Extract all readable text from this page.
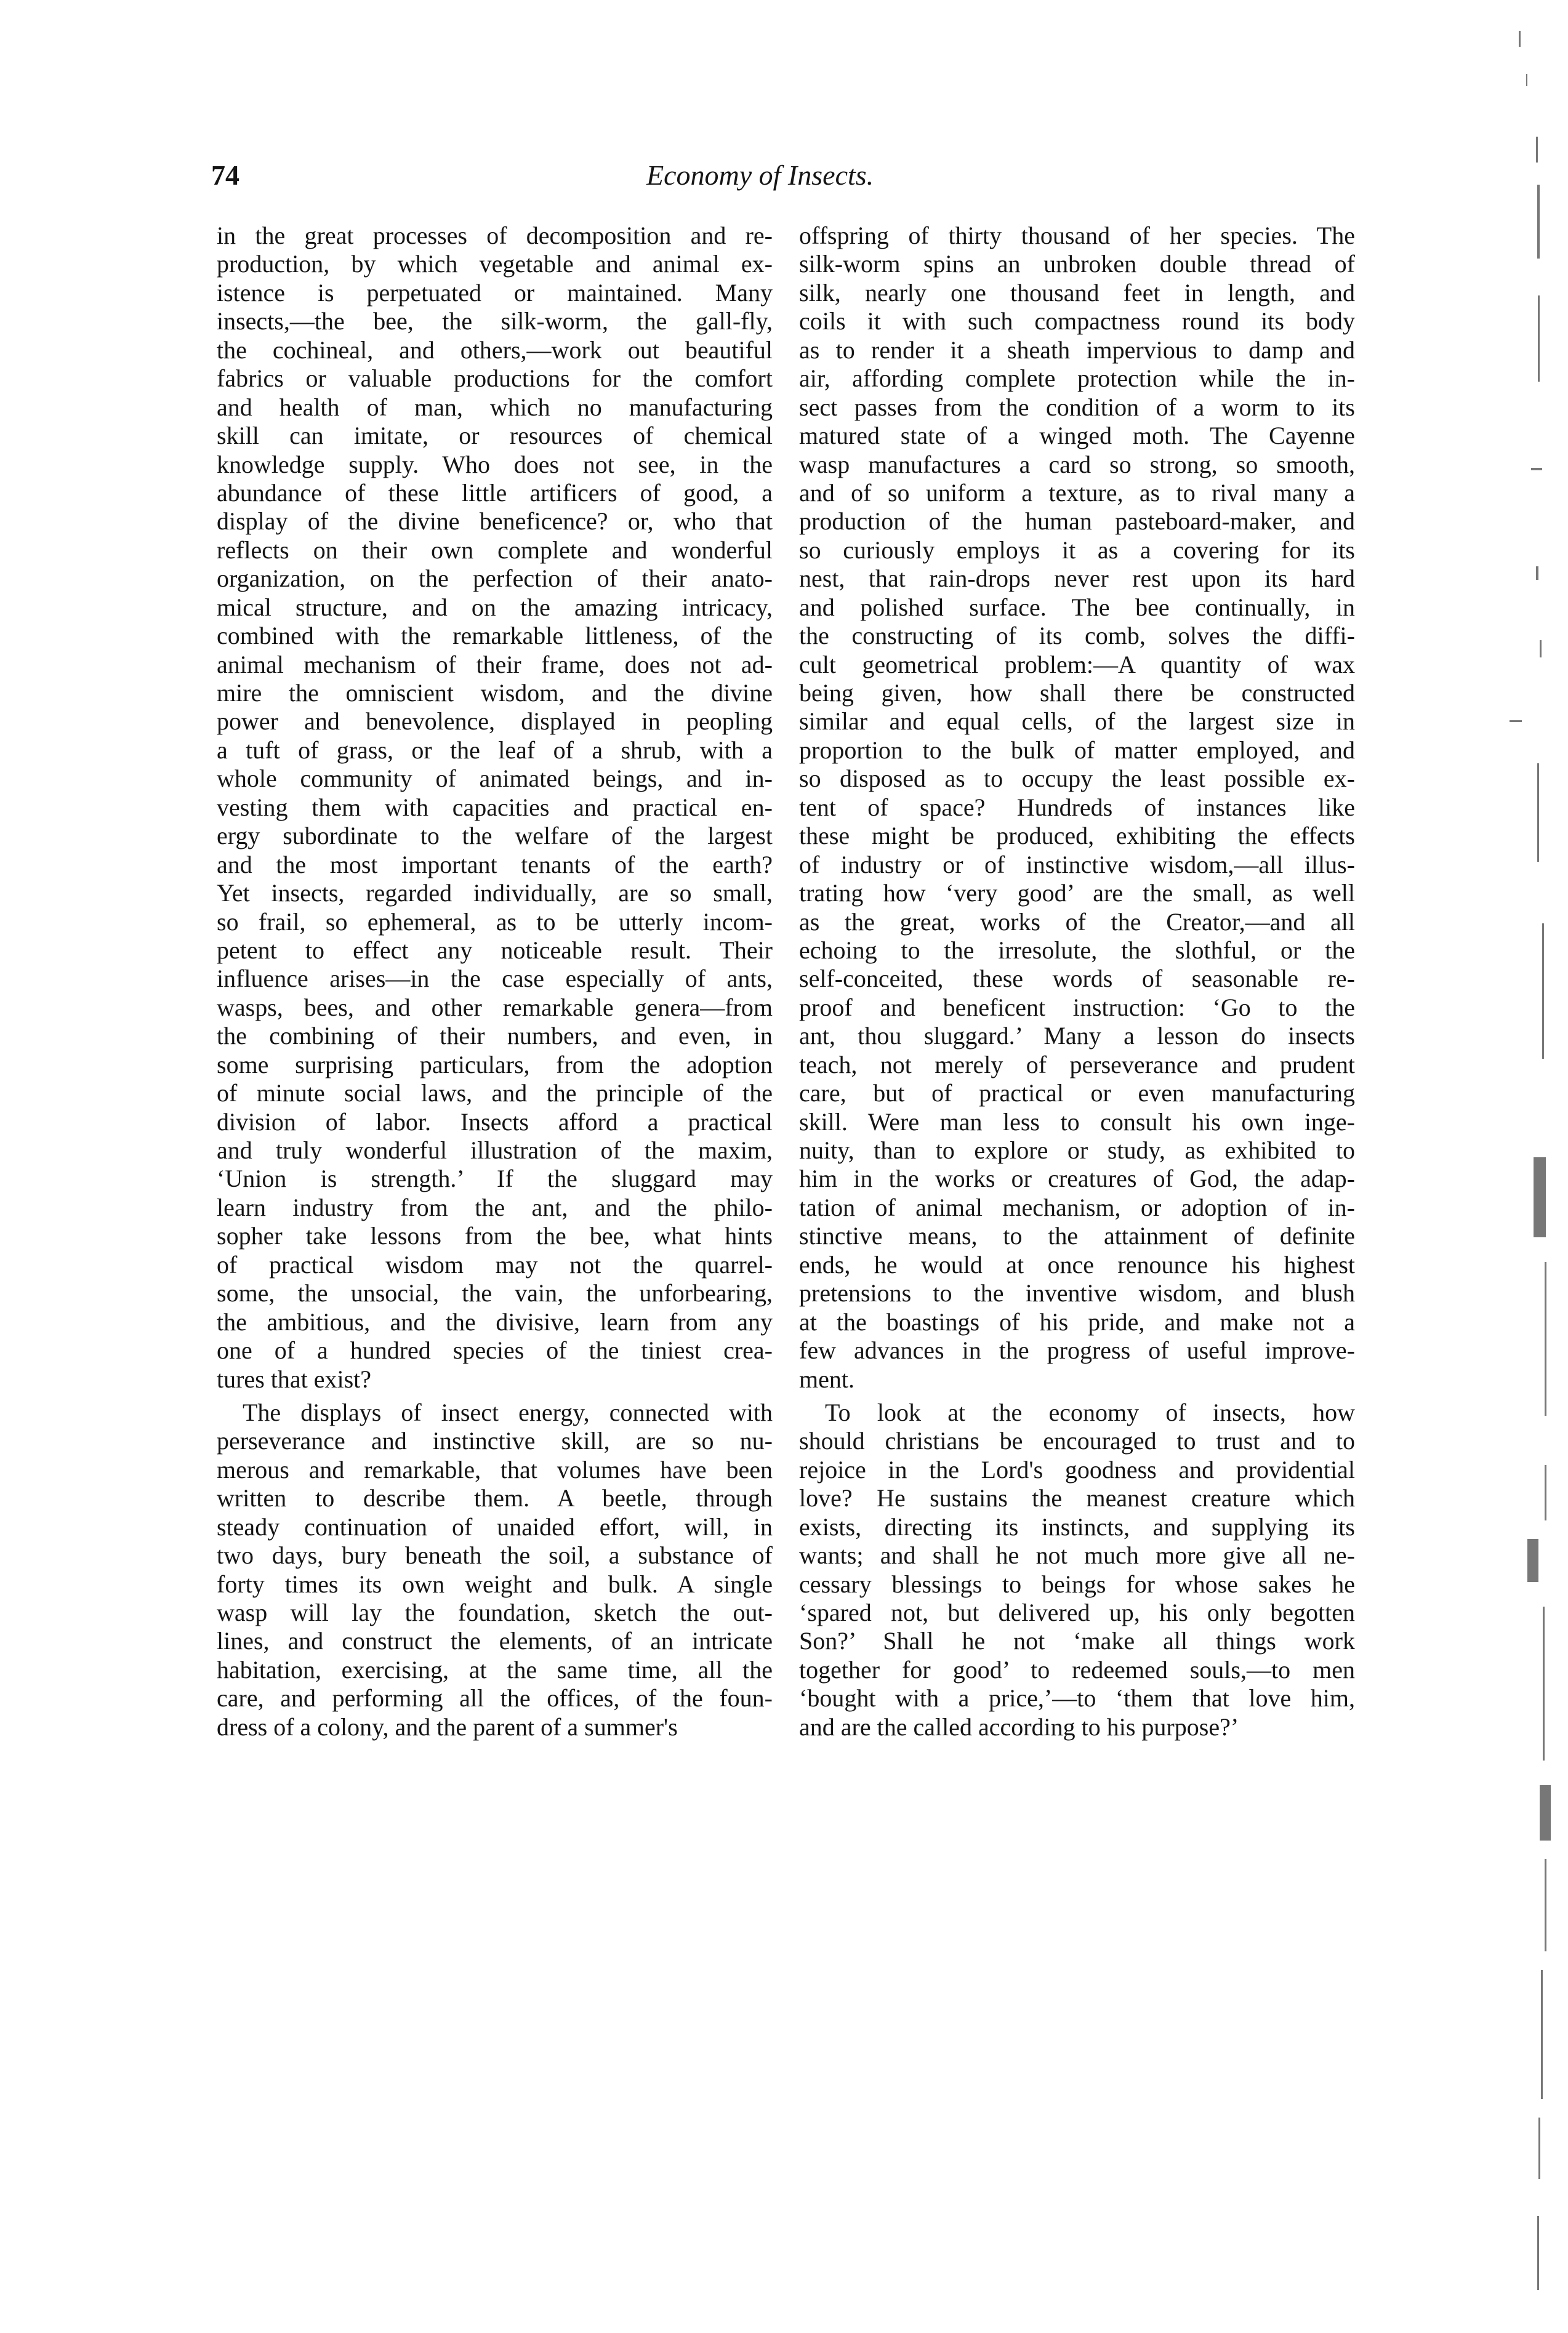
74	Economy of Insects.
in the great processes of decomposition and re-
production, by which vegetable and animal ex-
istence is perpetuated or maintained. Many
insects,—the bee, the silk-worm, the gall-fly,
the cochineal, and others,—work out beautiful
fabrics or valuable productions for the comfort
and health of man, which no manufacturing
skill can imitate, or resources of chemical
knowledge supply. Who does not see, in the
abundance of these little artificers of good, a
display of the divine beneficence? or, who that
reflects on their own complete and wonderful
organization, on the perfection of their anato-
mical structure, and on the amazing intricacy,
combined with the remarkable littleness, of the
animal mechanism of their frame, does not ad-
mire the omniscient wisdom, and the divine
power and benevolence, displayed in peopling
a tuft of grass, or the leaf of a shrub, with a
whole community of animated beings, and in-
vesting them with capacities and practical en-
ergy subordinate to the welfare of the largest
and the most important tenants of the earth?
Yet insects, regarded individually, are so small,
so frail, so ephemeral, as to be utterly incom-
petent to effect any noticeable result. Their
influence arises—in the case especially of ants,
wasps, bees, and other remarkable genera—from
the combining of their numbers, and even, in
some surprising particulars, from the adoption
of minute social laws, and the principle of the
division of labor. Insects afford a practical
and truly wonderful illustration of the maxim,
‘Union is strength.’ If the sluggard may
learn industry from the ant, and the philo-
sopher take lessons from the bee, what hints
of practical wisdom may not the quarrel-
some, the unsocial, the vain, the unforbearing,
the ambitious, and the divisive, learn from any
one of a hundred species of the tiniest crea-
tures that exist?
The displays of insect energy, connected with
perseverance and instinctive skill, are so nu-
merous and remarkable, that volumes have been
written to describe them. A beetle, through
steady continuation of unaided effort, will, in
two days, bury beneath the soil, a substance of
forty times its own weight and bulk. A single
wasp will lay the foundation, sketch the out-
lines, and construct the elements, of an intricate
habitation, exercising, at the same time, all the
care, and performing all the offices, of the foun-
dress of a colony, and the parent of a summer's
offspring of thirty thousand of her species. The
silk-worm spins an unbroken double thread of
silk, nearly one thousand feet in length, and
coils it with such compactness round its body
as to render it a sheath impervious to damp and
air, affording complete protection while the in-
sect passes from the condition of a worm to its
matured state of a winged moth. The Cayenne
wasp manufactures a card so strong, so smooth,
and of so uniform a texture, as to rival many a
production of the human pasteboard-maker, and
so curiously employs it as a covering for its
nest, that rain-drops never rest upon its hard
and polished surface. The bee continually, in
the constructing of its comb, solves the diffi-
cult geometrical problem:—A quantity of wax
being given, how shall there be constructed
similar and equal cells, of the largest size in
proportion to the bulk of matter employed, and
so disposed as to occupy the least possible ex-
tent of space? Hundreds of instances like
these might be produced, exhibiting the effects
of industry or of instinctive wisdom,—all illus-
trating how ‘very good’ are the small, as well
as the great, works of the Creator,—and all
echoing to the irresolute, the slothful, or the
self-conceited, these words of seasonable re-
proof and beneficent instruction: ‘Go to the
ant, thou sluggard.’ Many a lesson do insects
teach, not merely of perseverance and prudent
care, but of practical or even manufacturing
skill. Were man less to consult his own inge-
nuity, than to explore or study, as exhibited to
him in the works or creatures of God, the adap-
tation of animal mechanism, or adoption of in-
stinctive means, to the attainment of definite
ends, he would at once renounce his highest
pretensions to the inventive wisdom, and blush
at the boastings of his pride, and make not a
few advances in the progress of useful improve-
ment.
To look at the economy of insects, how
should christians be encouraged to trust and to
rejoice in the Lord's goodness and providential
love? He sustains the meanest creature which
exists, directing its instincts, and supplying its
wants; and shall he not much more give all ne-
cessary blessings to beings for whose sakes he
‘spared not, but delivered up, his only begotten
Son?’ Shall he not ‘make all things work
together for good’ to redeemed souls,—to men
‘bought with a price,’—to ‘them that love him,
and are the called according to his purpose?’
